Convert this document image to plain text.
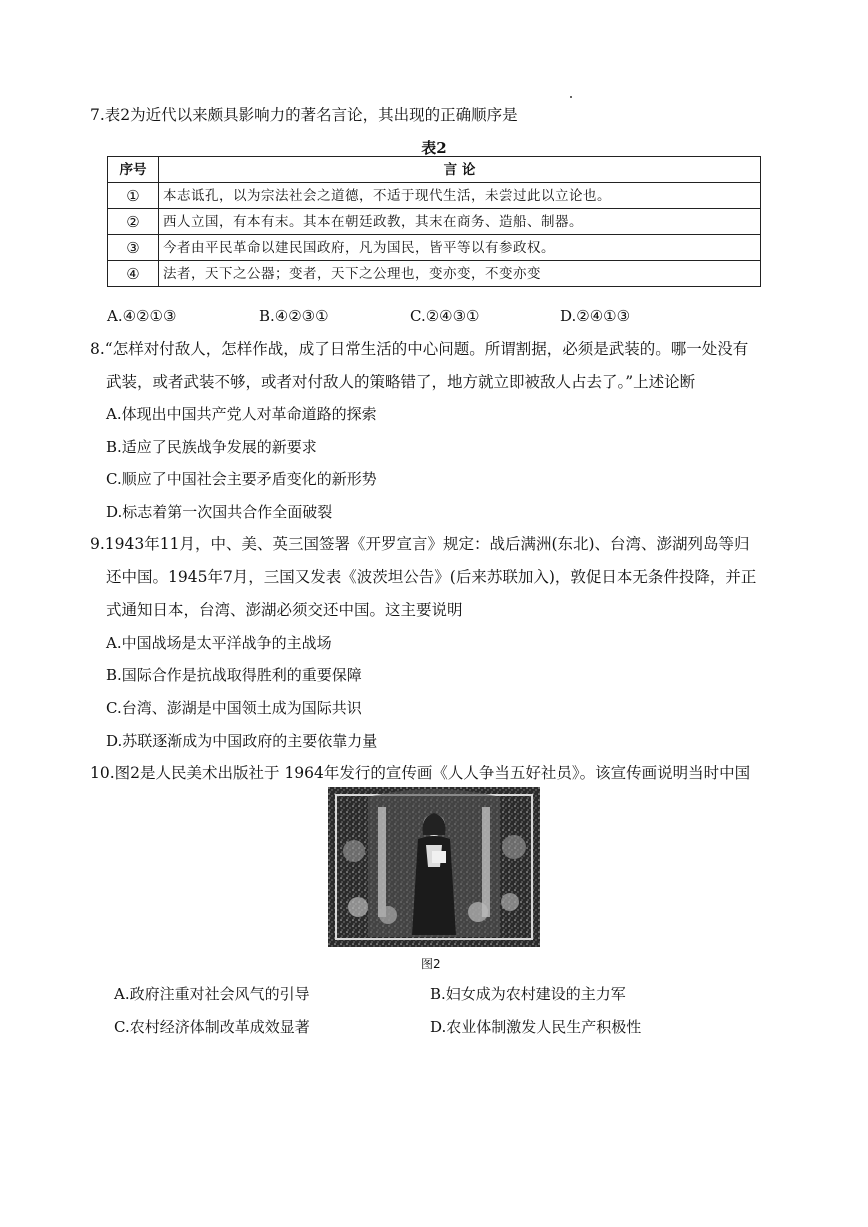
7.表2为近代以来颇具影响力的著名言论，其出现的正确顺序是
表2
序号	言 论
①	本志诋孔，以为宗法社会之道德，不适于现代生活，未尝过此以立论也。
②	西人立国，有本有末。其本在朝廷政教，其末在商务、造船、制器。
③	今者由平民革命以建民国政府，凡为国民，皆平等以有参政权。
④	法者，天下之公器；变者，天下之公理也，变亦变，不变亦变
A.④②①③	B.④②③①	C.②④③①	D.②④①③
8.“怎样对付敌人，怎样作战，成了日常生活的中心问题。所谓割据，必须是武装的。哪一处没有
武装，或者武装不够，或者对付敌人的策略错了，地方就立即被敌人占去了。”上述论断
A.体现出中国共产党人对革命道路的探索
B.适应了民族战争发展的新要求
C.顺应了中国社会主要矛盾变化的新形势
D.标志着第一次国共合作全面破裂
9.1943年11月，中、美、英三国签署《开罗宣言》规定：战后满洲(东北)、台湾、澎湖列岛等归
还中国。1945年7月，三国又发表《波茨坦公告》(后来苏联加入)，敦促日本无条件投降，并正
式通知日本，台湾、澎湖必须交还中国。这主要说明
A.中国战场是太平洋战争的主战场
B.国际合作是抗战取得胜利的重要保障
C.台湾、澎湖是中国领土成为国际共识
D.苏联逐渐成为中国政府的主要依靠力量
10.图2是人民美术出版社于 1964年发行的宣传画《人人争当五好社员》。该宣传画说明当时中国
图2
A.政府注重对社会风气的引导	B.妇女成为农村建设的主力军
C.农村经济体制改革成效显著	D.农业体制激发人民生产积极性
